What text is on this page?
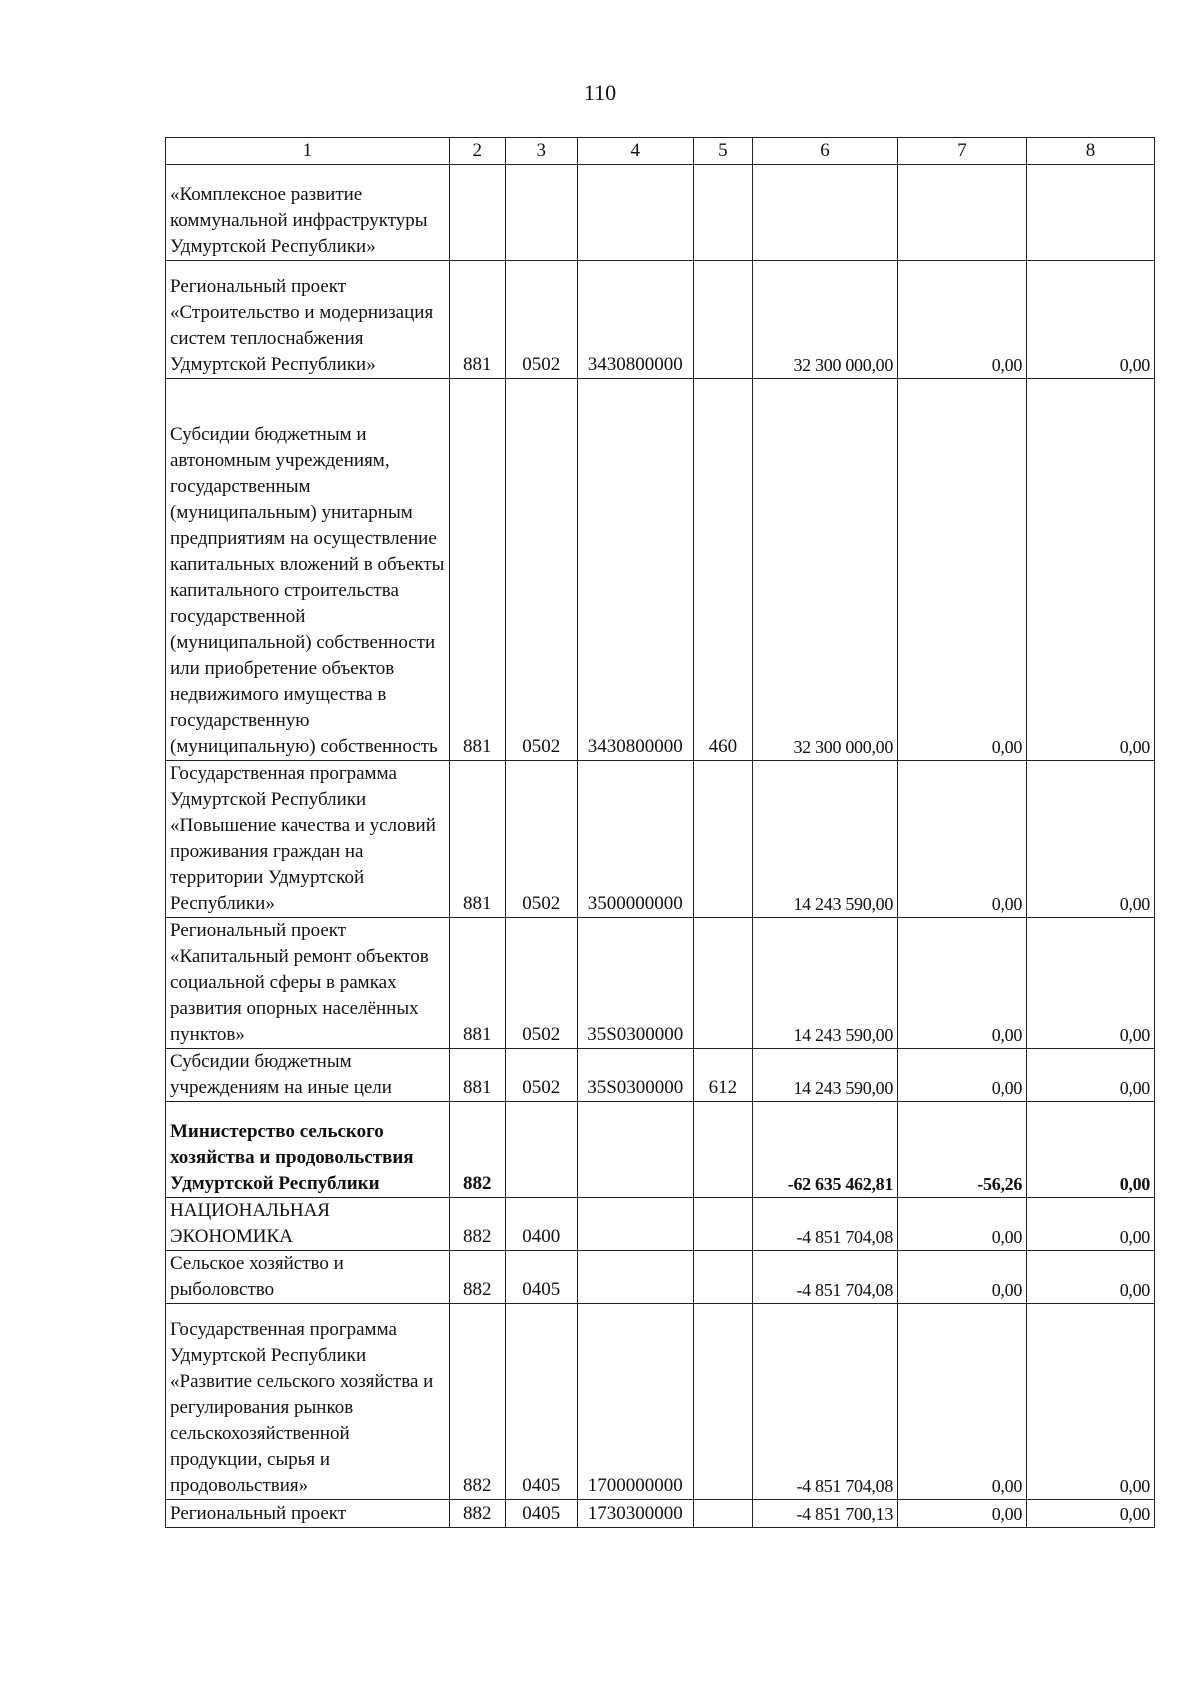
110
1	2	3	4	5	6	7	8
«Комплексное развитие коммунальной инфраструктуры Удмуртской Республики»							
Региональный проект «Строительство и модернизация систем теплоснабжения Удмуртской Республики»	881	0502	3430800000		32 300 000,00	0,00	0,00
Субсидии бюджетным и автономным учреждениям, государственным (муниципальным) унитарным предприятиям на осуществление капитальных вложений в объекты капитального строительства государственной (муниципальной) собственности или приобретение объектов недвижимого имущества в государственную (муниципальную) собственность	881	0502	3430800000	460	32 300 000,00	0,00	0,00
Государственная программа Удмуртской Республики «Повышение качества и условий проживания граждан на территории Удмуртской Республики»	881	0502	3500000000		14 243 590,00	0,00	0,00
Региональный проект «Капитальный ремонт объектов социальной сферы в рамках развития опорных населённых пунктов»	881	0502	35S0300000		14 243 590,00	0,00	0,00
Субсидии бюджетным учреждениям на иные цели	881	0502	35S0300000	612	14 243 590,00	0,00	0,00
Министерство сельского хозяйства и продовольствия Удмуртской Республики	882				-62 635 462,81	-56,26	0,00
НАЦИОНАЛЬНАЯ ЭКОНОМИКА	882	0400			-4 851 704,08	0,00	0,00
Сельское хозяйство и рыболовство	882	0405			-4 851 704,08	0,00	0,00
Государственная программа Удмуртской Республики «Развитие сельского хозяйства и регулирования рынков сельскохозяйственной продукции, сырья и продовольствия»	882	0405	1700000000		-4 851 704,08	0,00	0,00
Региональный проект	882	0405	1730300000		-4 851 700,13	0,00	0,00
